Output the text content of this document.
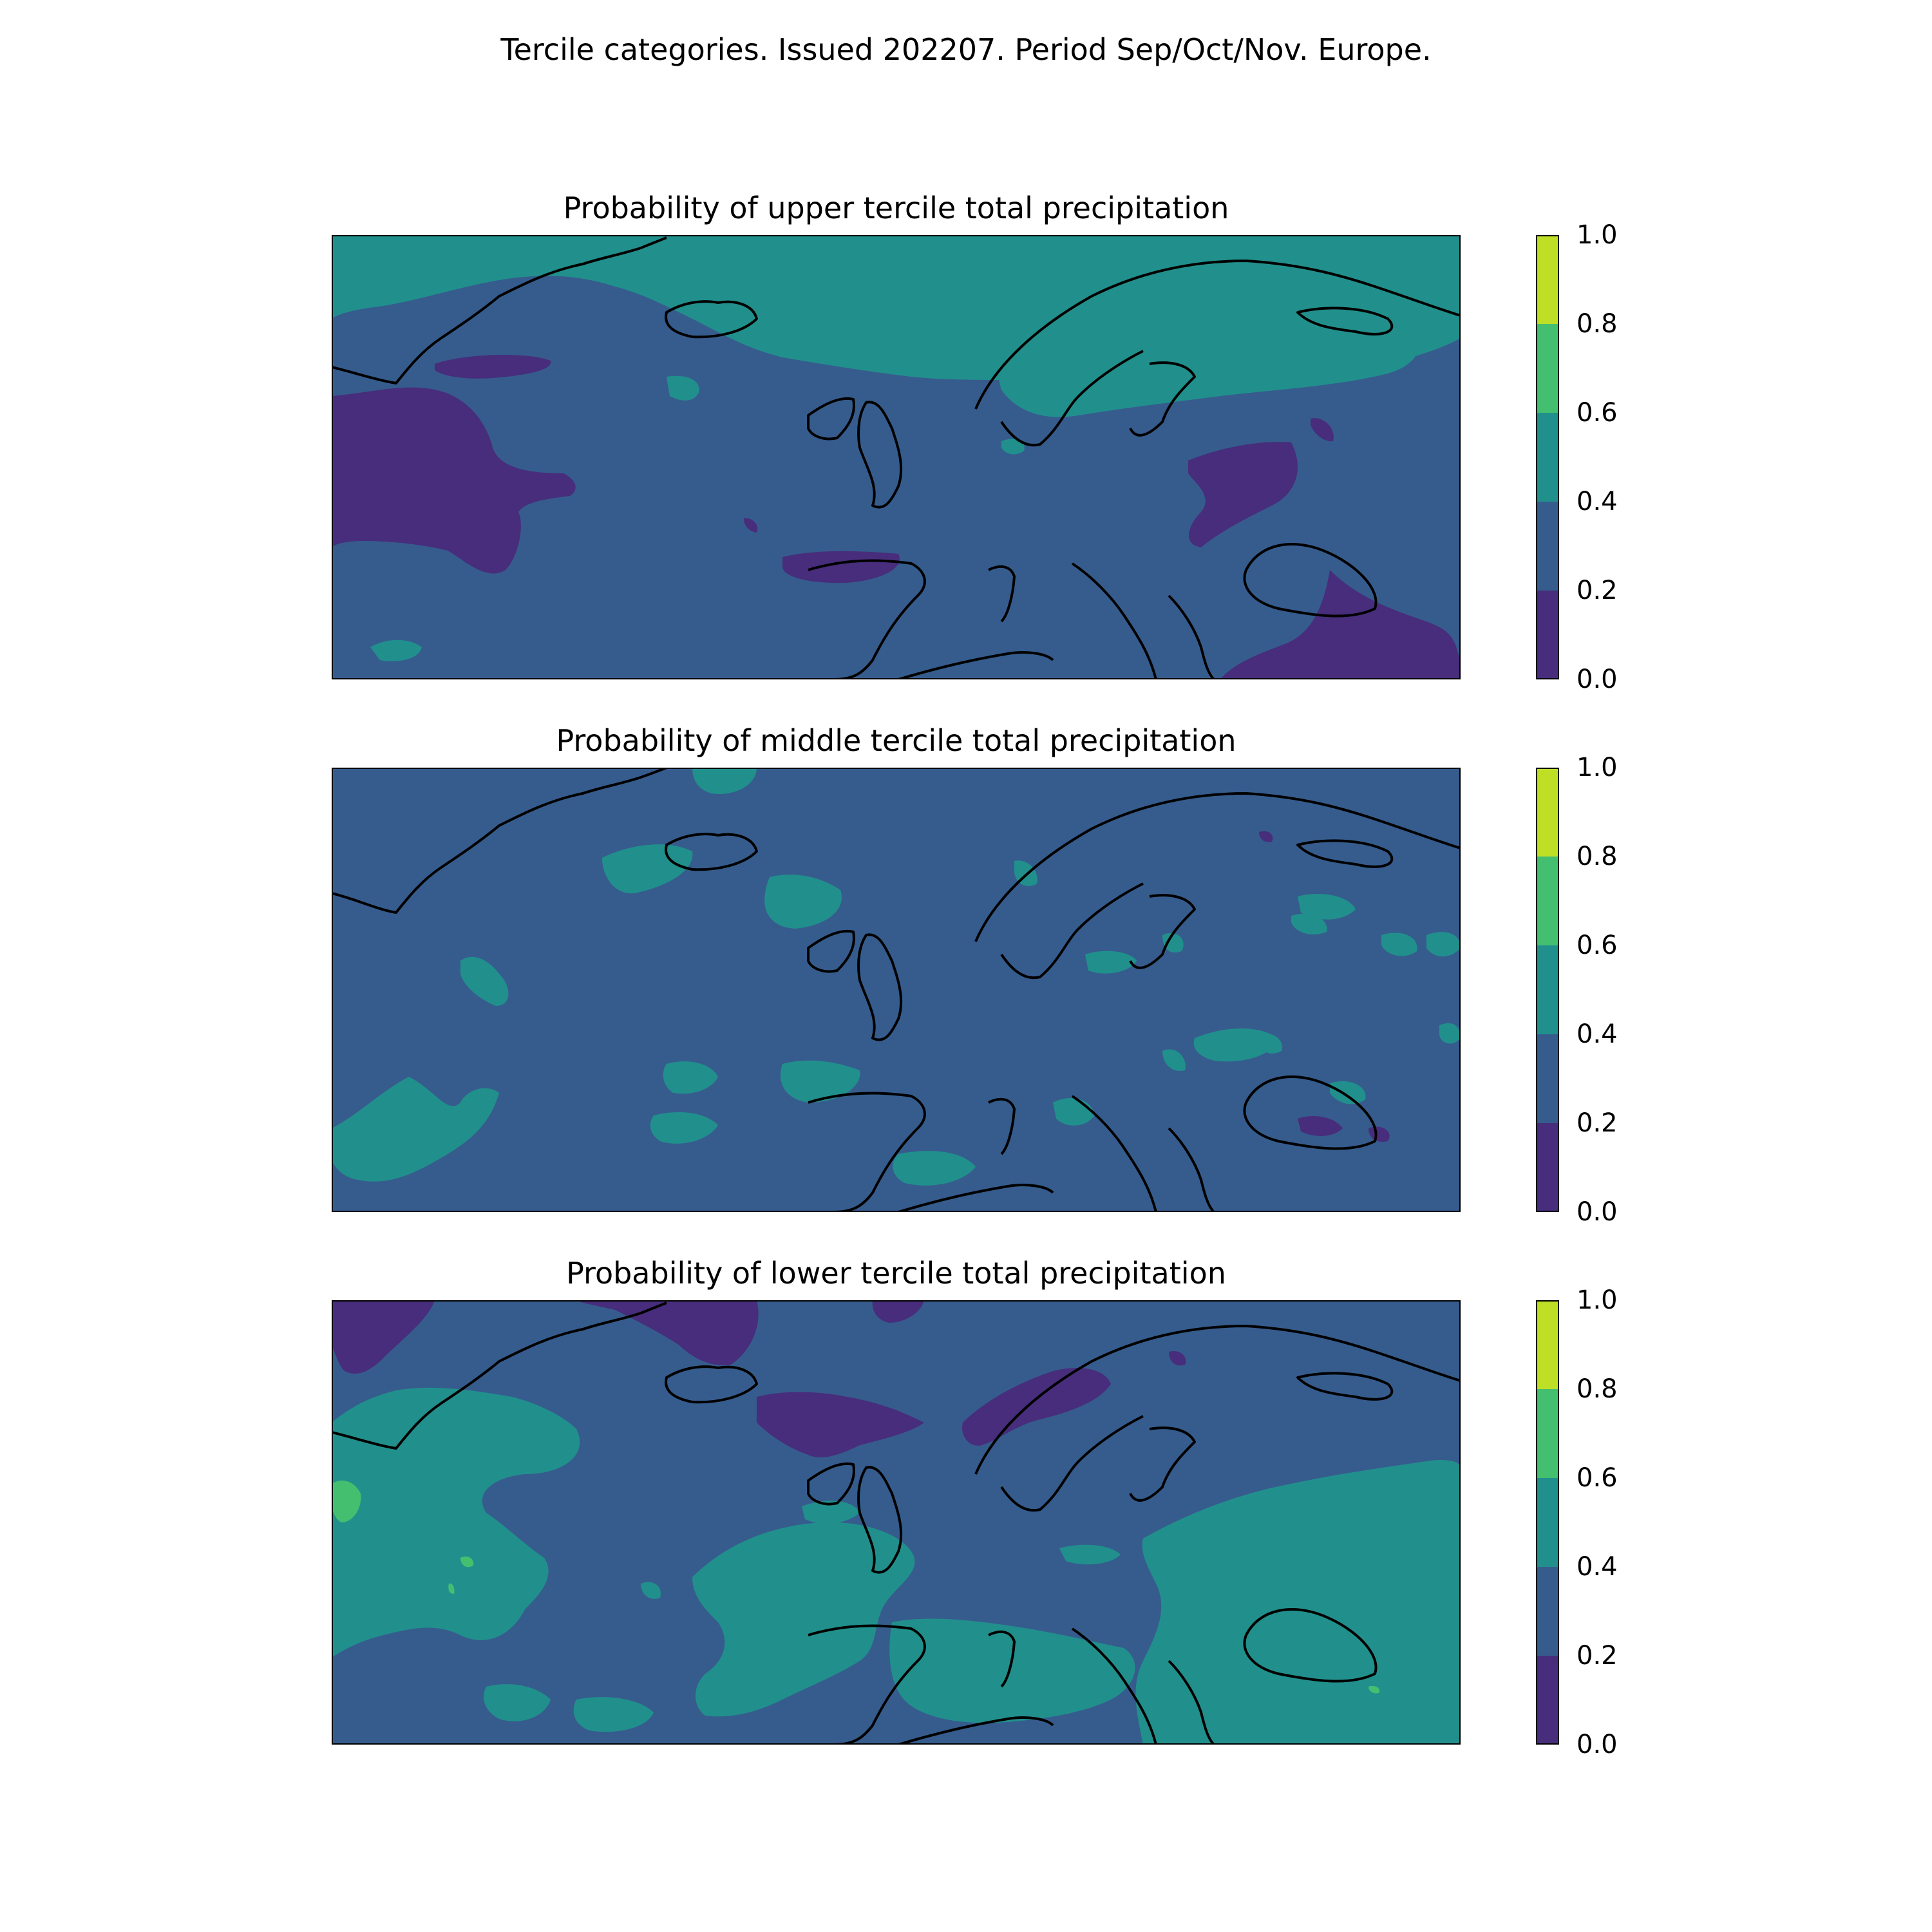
Tercile categories. Issued 202207. Period Sep/Oct/Nov. Europe.
Probability of upper tercile total precipitation
0.0
0.2
0.4
0.6
0.8
1.0
Probability of middle tercile total precipitation
0.0
0.2
0.4
0.6
0.8
1.0
Probability of lower tercile total precipitation
0.0
0.2
0.4
0.6
0.8
1.0
